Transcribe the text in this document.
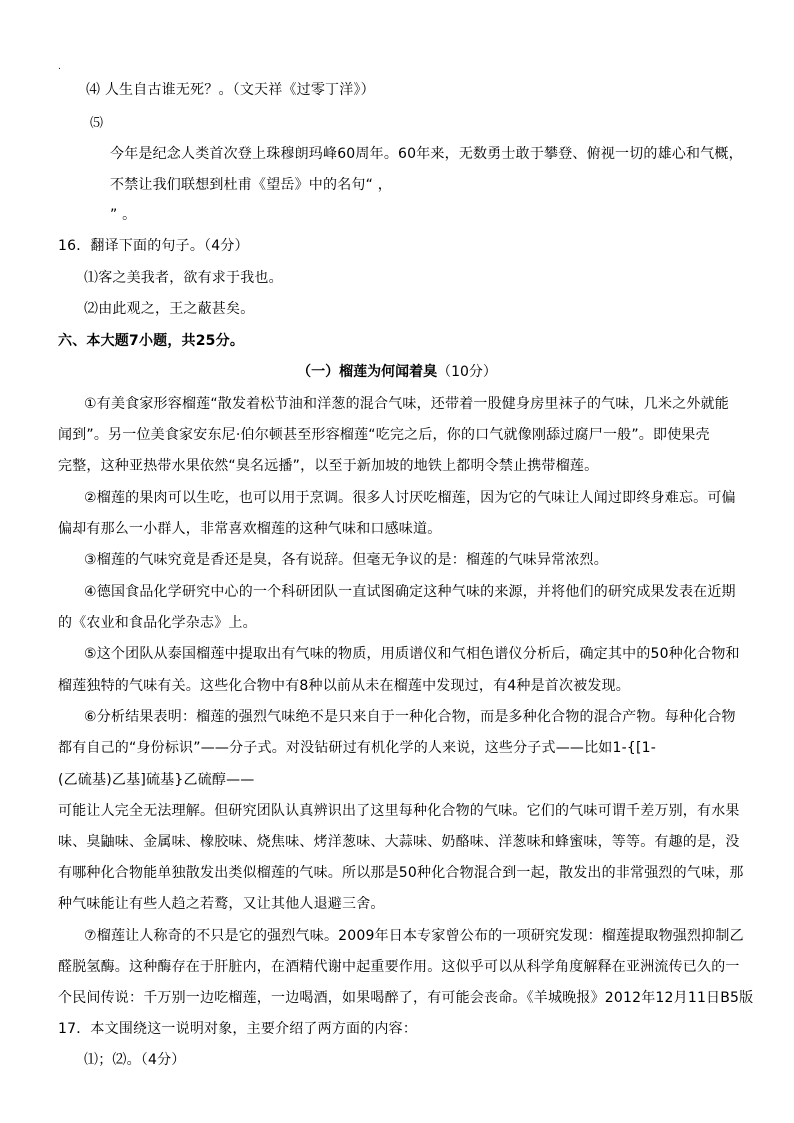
.
⑷ 人生自古谁无死？。（文天祥《过零丁洋》）
⑸
今年是纪念人类首次登上珠穆朗玛峰60周年。60年来，无数勇士敢于攀登、俯视一切的雄心和气概，
不禁让我们联想到杜甫《望岳》中的名句“ ，
” 。
16．翻译下面的句子。（4分）
⑴客之美我者，欲有求于我也。
⑵由此观之，王之蔽甚矣。
六、本大题7小题，共25分。
（一）榴莲为何闻着臭（10分）
①有美食家形容榴莲“散发着松节油和洋葱的混合气味，还带着一股健身房里袜子的气味，几米之外就能
闻到”。另一位美食家安东尼·伯尔顿甚至形容榴莲“吃完之后，你的口气就像刚舔过腐尸一般”。即使果壳
完整，这种亚热带水果依然“臭名远播”，以至于新加坡的地铁上都明令禁止携带榴莲。
②榴莲的果肉可以生吃，也可以用于烹调。很多人讨厌吃榴莲，因为它的气味让人闻过即终身难忘。可偏
偏却有那么一小群人，非常喜欢榴莲的这种气味和口感味道。
③榴莲的气味究竟是香还是臭，各有说辞。但毫无争议的是：榴莲的气味异常浓烈。
④德国食品化学研究中心的一个科研团队一直试图确定这种气味的来源，并将他们的研究成果发表在近期
的《农业和食品化学杂志》上。
⑤这个团队从泰国榴莲中提取出有气味的物质，用质谱仪和气相色谱仪分析后，确定其中的50种化合物和
榴莲独特的气味有关。这些化合物中有8种以前从未在榴莲中发现过，有4种是首次被发现。
⑥分析结果表明：榴莲的强烈气味绝不是只来自于一种化合物，而是多种化合物的混合产物。每种化合物
都有自己的“身份标识”——分子式。对没钻研过有机化学的人来说，这些分子式——比如1-{[1-
(乙硫基)乙基]硫基}乙硫醇——
可能让人完全无法理解。但研究团队认真辨识出了这里每种化合物的气味。它们的气味可谓千差万别，有水果
味、臭鼬味、金属味、橡胶味、烧焦味、烤洋葱味、大蒜味、奶酪味、洋葱味和蜂蜜味，等等。有趣的是，没
有哪种化合物能单独散发出类似榴莲的气味。所以那是50种化合物混合到一起，散发出的非常强烈的气味，那
种气味能让有些人趋之若鹜，又让其他人退避三舍。
⑦榴莲让人称奇的不只是它的强烈气味。2009年日本专家曾公布的一项研究发现：榴莲提取物强烈抑制乙
醛脱氢酶。这种酶存在于肝脏内，在酒精代谢中起重要作用。这似乎可以从科学角度解释在亚洲流传已久的一
个民间传说：千万别一边吃榴莲，一边喝酒，如果喝醉了，有可能会丧命。《羊城晚报》2012年12月11日B5版
17．本文围绕这一说明对象，主要介绍了两方面的内容：
⑴；⑵。（4分）
